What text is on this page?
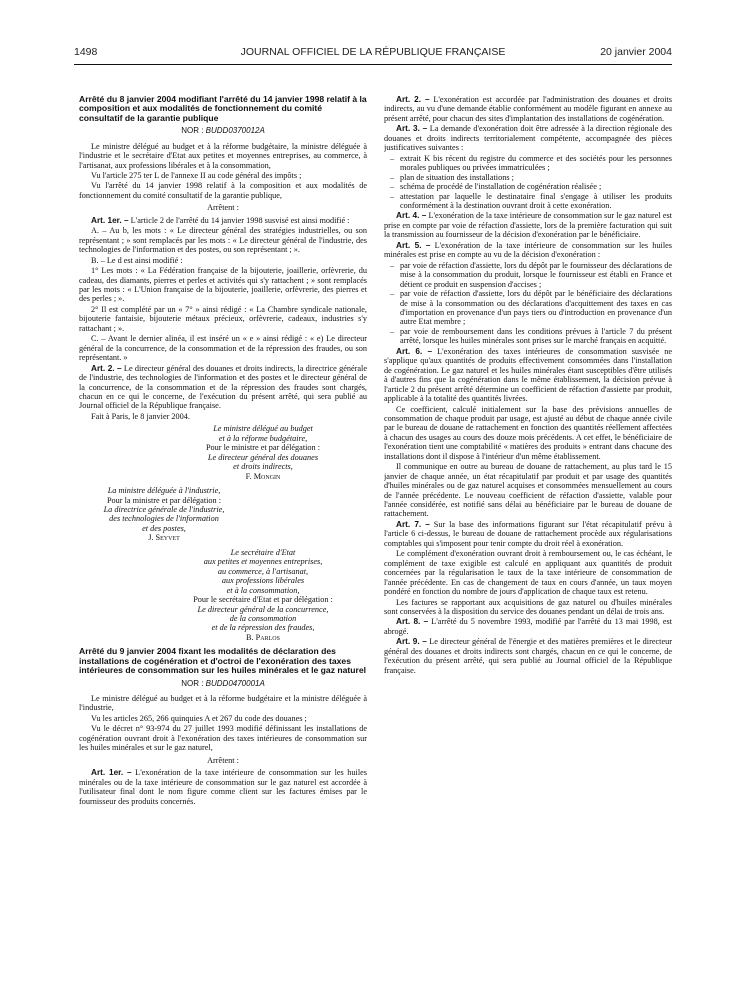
1498	JOURNAL OFFICIEL DE LA RÉPUBLIQUE FRANÇAISE	20 janvier 2004
Arrêté du 8 janvier 2004 modifiant l'arrêté du 14 janvier 1998 relatif à la composition et aux modalités de fonctionnement du comité consultatif de la garantie publique
NOR : BUDD0370012A

Le ministre délégué au budget et à la réforme budgétaire, la ministre déléguée à l'industrie et le secrétaire d'Etat aux petites et moyennes entreprises, au commerce, à l'artisanat, aux professions libérales et à la consommation,

Vu l'article 275 ter L de l'annexe II au code général des impôts ;

Vu l'arrêté du 14 janvier 1998 relatif à la composition et aux modalités de fonctionnement du comité consultatif de la garantie publique,

Arrêtent :

Art. 1er. – L'article 2 de l'arrêté du 14 janvier 1998 susvisé est ainsi modifié :

A. – Au b, les mots : « Le directeur général des stratégies industrielles, ou son représentant ; » sont remplacés par les mots : « Le directeur général de l'industrie, des technologies de l'information et des postes, ou son représentant ; ».

B. – Le d est ainsi modifié :

1° Les mots : « La Fédération française de la bijouterie, joaillerie, orfèvrerie, du cadeau, des diamants, pierres et perles et activités qui s'y rattachent ; » sont remplacés par les mots : « L'Union française de la bijouterie, joaillerie, orfèvrerie, des pierres et des perles ; ».

2° Il est complété par un « 7° » ainsi rédigé : « La Chambre syndicale nationale, bijouterie fantaisie, bijouterie métaux précieux, orfèvrerie, cadeaux, industries s'y rattachant ; ».

C. – Avant le dernier alinéa, il est inséré un « e » ainsi rédigé : « e) Le directeur général de la concurrence, de la consommation et de la répression des fraudes, ou son représentant. »

Art. 2. – Le directeur général des douanes et droits indirects, la directrice générale de l'industrie, des technologies de l'information et des postes et le directeur général de la concurrence, de la consommation et de la répression des fraudes sont chargés, chacun en ce qui le concerne, de l'exécution du présent arrêté, qui sera publié au Journal officiel de la République française.

Fait à Paris, le 8 janvier 2004.

Le ministre délégué au budget
et à la réforme budgétaire,
Pour le ministre et par délégation :
Le directeur général des douanes
et droits indirects,
F. Mongin
La ministre déléguée à l'industrie,
Pour la ministre et par délégation :
La directrice générale de l'industrie,
des technologies de l'information
et des postes,
J. Seyvet
Le secrétaire d'Etat
aux petites et moyennes entreprises,
au commerce, à l'artisanat,
aux professions libérales
et à la consommation,
Pour le secrétaire d'Etat et par délégation :
Le directeur général de la concurrence,
de la consommation
et de la répression des fraudes,
B. Parlos
Arrêté du 9 janvier 2004 fixant les modalités de déclaration des installations de cogénération et d'octroi de l'exonération des taxes intérieures de consommation sur les huiles minérales et le gaz naturel
NOR : BUDD0470001A

Le ministre délégué au budget et à la réforme budgétaire et la ministre déléguée à l'industrie,

Vu les articles 265, 266 quinquies A et 267 du code des douanes ;

Vu le décret n° 93-974 du 27 juillet 1993 modifié définissant les installations de cogénération ouvrant droit à l'exonération des taxes intérieures de consommation sur les huiles minérales et sur le gaz naturel,

Arrêtent :

Art. 1er. – L'exonération de la taxe intérieure de consommation sur les huiles minérales ou de la taxe intérieure de consommation sur le gaz naturel est accordée à l'utilisateur final dont le nom figure comme client sur les factures émises par le fournisseur des produits concernés.

Art. 2. – L'exonération est accordée par l'administration des douanes et droits indirects, au vu d'une demande établie conformément au modèle figurant en annexe au présent arrêté, pour chacun des sites d'implantation des installations de cogénération.

Art. 3. – La demande d'exonération doit être adressée à la direction régionale des douanes et droits indirects territorialement compétente, accompagnée des pièces justificatives suivantes :

– extrait K bis récent du registre du commerce et des sociétés pour les personnes morales publiques ou privées immatriculées ;
– plan de situation des installations ;
– schéma de procédé de l'installation de cogénération réalisée ;
– attestation par laquelle le destinataire final s'engage à utiliser les produits conformément à la destination ouvrant droit à cette exonération.

Art. 4. – L'exonération de la taxe intérieure de consommation sur le gaz naturel est prise en compte par voie de réfaction d'assiette, lors de la première facturation qui suit la transmission au fournisseur de la décision d'exonération par le bénéficiaire.

Art. 5. – L'exonération de la taxe intérieure de consommation sur les huiles minérales est prise en compte au vu de la décision d'exonération :

– par voie de réfaction d'assiette, lors du dépôt par le fournisseur des déclarations de mise à la consommation du produit, lorsque le fournisseur est établi en France et détient ce produit en suspension d'accises ;
– par voie de réfaction d'assiette, lors du dépôt par le bénéficiaire des déclarations de mise à la consommation ou des déclarations d'acquittement des taxes en cas d'importation en provenance d'un pays tiers ou d'introduction en provenance d'un autre Etat membre ;
– par voie de remboursement dans les conditions prévues à l'article 7 du présent arrêté, lorsque les huiles minérales sont prises sur le marché français en acquitté.

Art. 6. – L'exonération des taxes intérieures de consommation susvisée ne s'applique qu'aux quantités de produits effectivement consommées dans l'installation de cogénération. Le gaz naturel et les huiles minérales étant susceptibles d'être utilisés à d'autres fins que la cogénération dans le même établissement, la décision prévue à l'article 2 du présent arrêté détermine un coefficient de réfaction d'assiette par produit, applicable à la totalité des quantités livrées.

Ce coefficient, calculé initialement sur la base des prévisions annuelles de consommation de chaque produit par usage, est ajusté au début de chaque année civile par le bureau de douane de rattachement en fonction des quantités réellement affectées à chacun des usages au cours des douze mois précédents. A cet effet, le bénéficiaire de l'exonération tient une comptabilité « matières des produits » entrant dans chacune des installations dont il dispose à l'intérieur d'un même établissement.

Il communique en outre au bureau de douane de rattachement, au plus tard le 15 janvier de chaque année, un état récapitulatif par produit et par usage des quantités d'huiles minérales ou de gaz naturel acquises et consommées mensuellement au cours de l'année précédente. Le nouveau coefficient de réfaction d'assiette, valable pour l'année considérée, est notifié sans délai au bénéficiaire par le bureau de douane de rattachement.

Art. 7. – Sur la base des informations figurant sur l'état récapitulatif prévu à l'article 6 ci-dessus, le bureau de douane de rattachement procède aux régularisations comptables qui s'imposent pour tenir compte du droit réel à exonération.

Le complément d'exonération ouvrant droit à remboursement ou, le cas échéant, le complément de taxe exigible est calculé en appliquant aux quantités de produit concernées par la régularisation le taux de la taxe intérieure de consommation de l'année précédente. En cas de changement de taux en cours d'année, un taux moyen pondéré en fonction du nombre de jours d'application de chaque taux est retenu.

Les factures se rapportant aux acquisitions de gaz naturel ou d'huiles minérales sont conservées à la disposition du service des douanes pendant un délai de trois ans.

Art. 8. – L'arrêté du 5 novembre 1993, modifié par l'arrêté du 13 mai 1998, est abrogé.

Art. 9. – Le directeur général de l'énergie et des matières premières et le directeur général des douanes et droits indirects sont chargés, chacun en ce qui le concerne, de l'exécution du présent arrêté, qui sera publié au Journal officiel de la République française.
